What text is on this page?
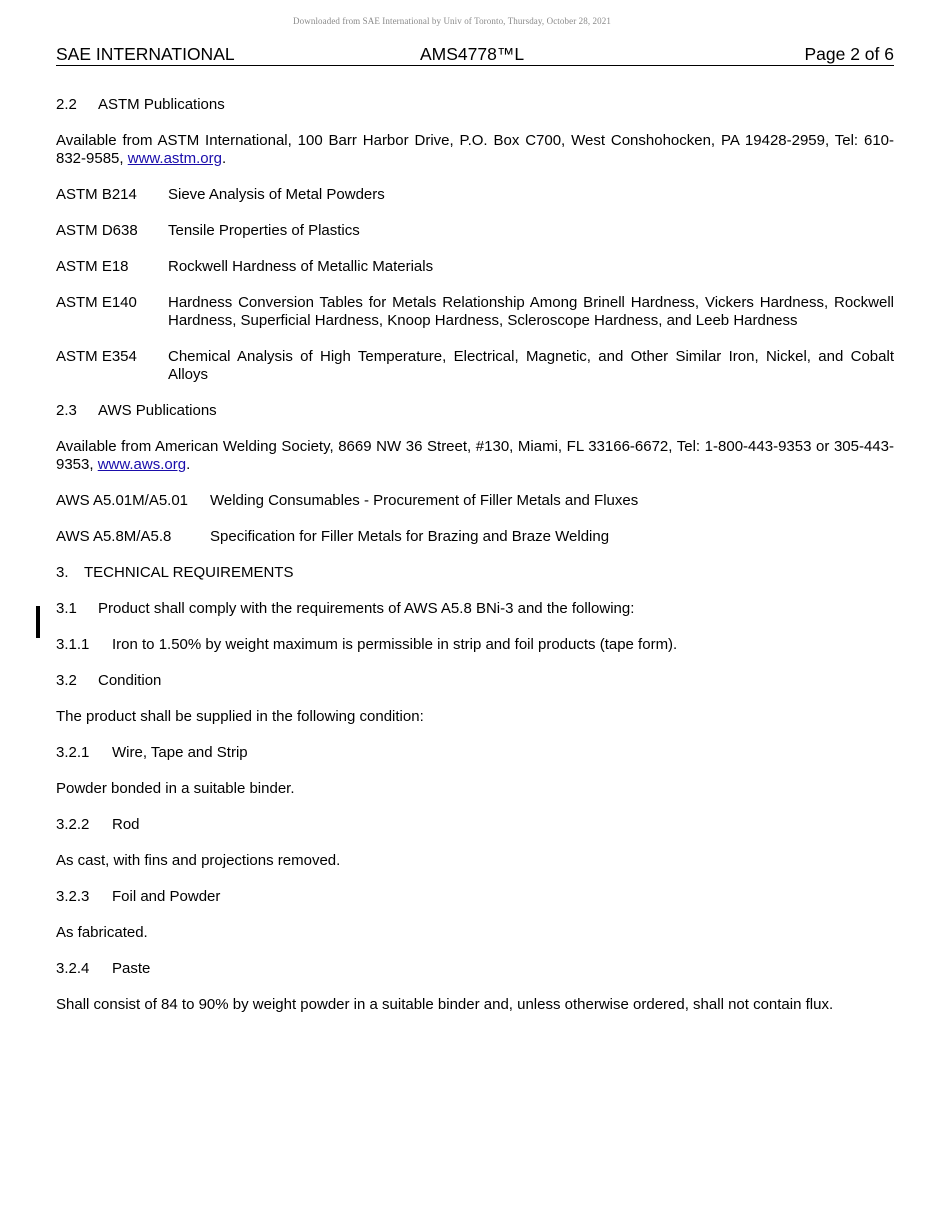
Downloaded from SAE International by Univ of Toronto, Thursday, October 28, 2021
SAE INTERNATIONAL	AMS4778™L	Page 2 of 6
2.2	ASTM Publications

Available from ASTM International, 100 Barr Harbor Drive, P.O. Box C700, West Conshohocken, PA 19428-2959, Tel: 610-832-9585, www.astm.org.

ASTM B214	Sieve Analysis of Metal Powders
ASTM D638	Tensile Properties of Plastics
ASTM E18	Rockwell Hardness of Metallic Materials
ASTM E140	Hardness Conversion Tables for Metals Relationship Among Brinell Hardness, Vickers Hardness, Rockwell Hardness, Superficial Hardness, Knoop Hardness, Scleroscope Hardness, and Leeb Hardness
ASTM E354	Chemical Analysis of High Temperature, Electrical, Magnetic, and Other Similar Iron, Nickel, and Cobalt Alloys
2.3	AWS Publications

Available from American Welding Society, 8669 NW 36 Street, #130, Miami, FL 33166-6672, Tel: 1-800-443-9353 or 305-443-9353, www.aws.org.

AWS A5.01M/A5.01	Welding Consumables - Procurement of Filler Metals and Fluxes
AWS A5.8M/A5.8	Specification for Filler Metals for Brazing and Braze Welding
3.	TECHNICAL REQUIREMENTS
3.1	Product shall comply with the requirements of AWS A5.8 BNi-3 and the following:
3.1.1	Iron to 1.50% by weight maximum is permissible in strip and foil products (tape form).
3.2	Condition

The product shall be supplied in the following condition:

3.2.1	Wire, Tape and Strip

Powder bonded in a suitable binder.

3.2.2	Rod

As cast, with fins and projections removed.

3.2.3	Foil and Powder

As fabricated.

3.2.4	Paste

Shall consist of 84 to 90% by weight powder in a suitable binder and, unless otherwise ordered, shall not contain flux.
